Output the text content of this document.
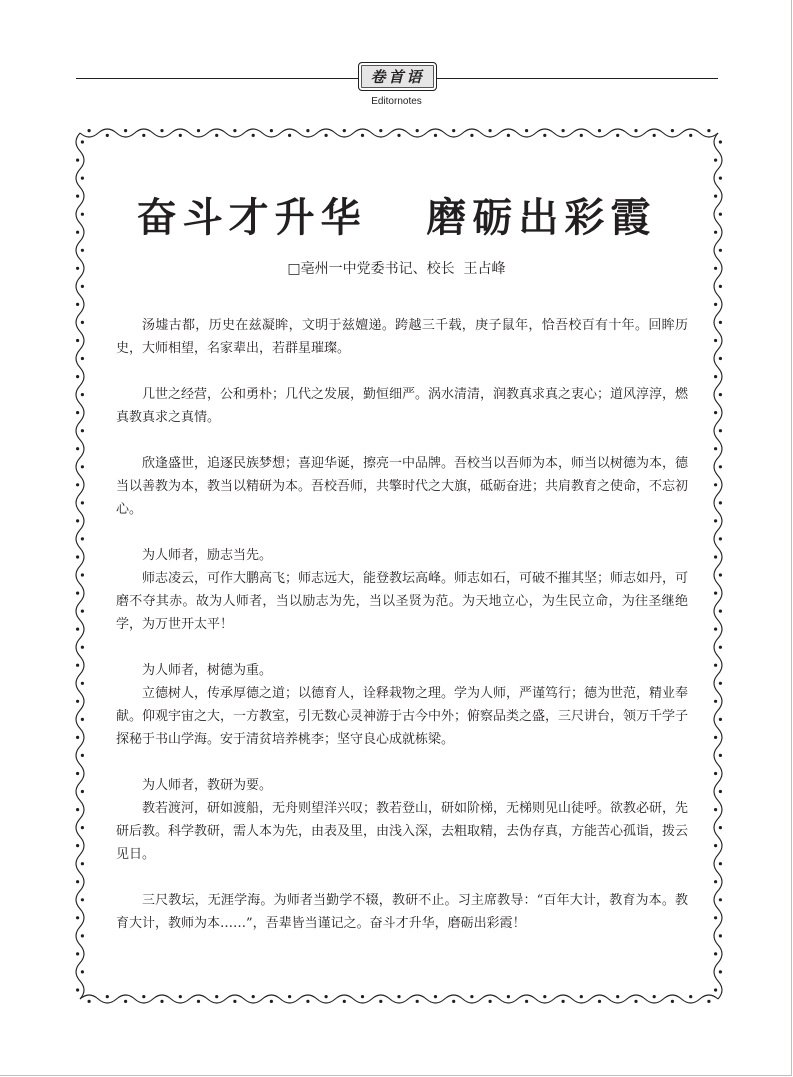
卷首语
Editornotes
奋斗才升华   磨砺出彩霞
□亳州一中党委书记、校长  王占峰

汤墟古都，历史在兹凝眸，文明于兹嬗递。跨越三千载，庚子鼠年，恰吾校百有十年。回眸历史，大师相望，名家辈出，若群星璀璨。

几世之经营，公和勇朴；几代之发展，勤恒细严。涡水清清，润教真求真之衷心；道风淳淳，燃真教真求之真情。

欣逢盛世，追逐民族梦想；喜迎华诞，擦亮一中品牌。吾校当以吾师为本，师当以树德为本，德当以善教为本，教当以精研为本。吾校吾师，共擎时代之大旗，砥砺奋进；共肩教育之使命，不忘初心。

为人师者，励志当先。

师志凌云，可作大鹏高飞；师志远大，能登教坛高峰。师志如石，可破不摧其坚；师志如丹，可磨不夺其赤。故为人师者，当以励志为先，当以圣贤为范。为天地立心，为生民立命，为往圣继绝学，为万世开太平！

为人师者，树德为重。

立德树人，传承厚德之道；以德育人，诠释栽物之理。学为人师，严谨笃行；德为世范，精业奉献。仰观宇宙之大，一方教室，引无数心灵神游于古今中外；俯察品类之盛，三尺讲台，领万千学子探秘于书山学海。安于清贫培养桃李；坚守良心成就栋梁。

为人师者，教研为要。

教若渡河，研如渡船，无舟则望洋兴叹；教若登山，研如阶梯，无梯则见山徒呼。欲教必研，先研后教。科学教研，需人本为先，由表及里，由浅入深，去粗取精，去伪存真，方能苦心孤诣，拨云见日。

三尺教坛，无涯学海。为师者当勤学不辍，教研不止。习主席教导：“百年大计，教育为本。教育大计，教师为本……”，吾辈皆当谨记之。奋斗才升华，磨砺出彩霞！
